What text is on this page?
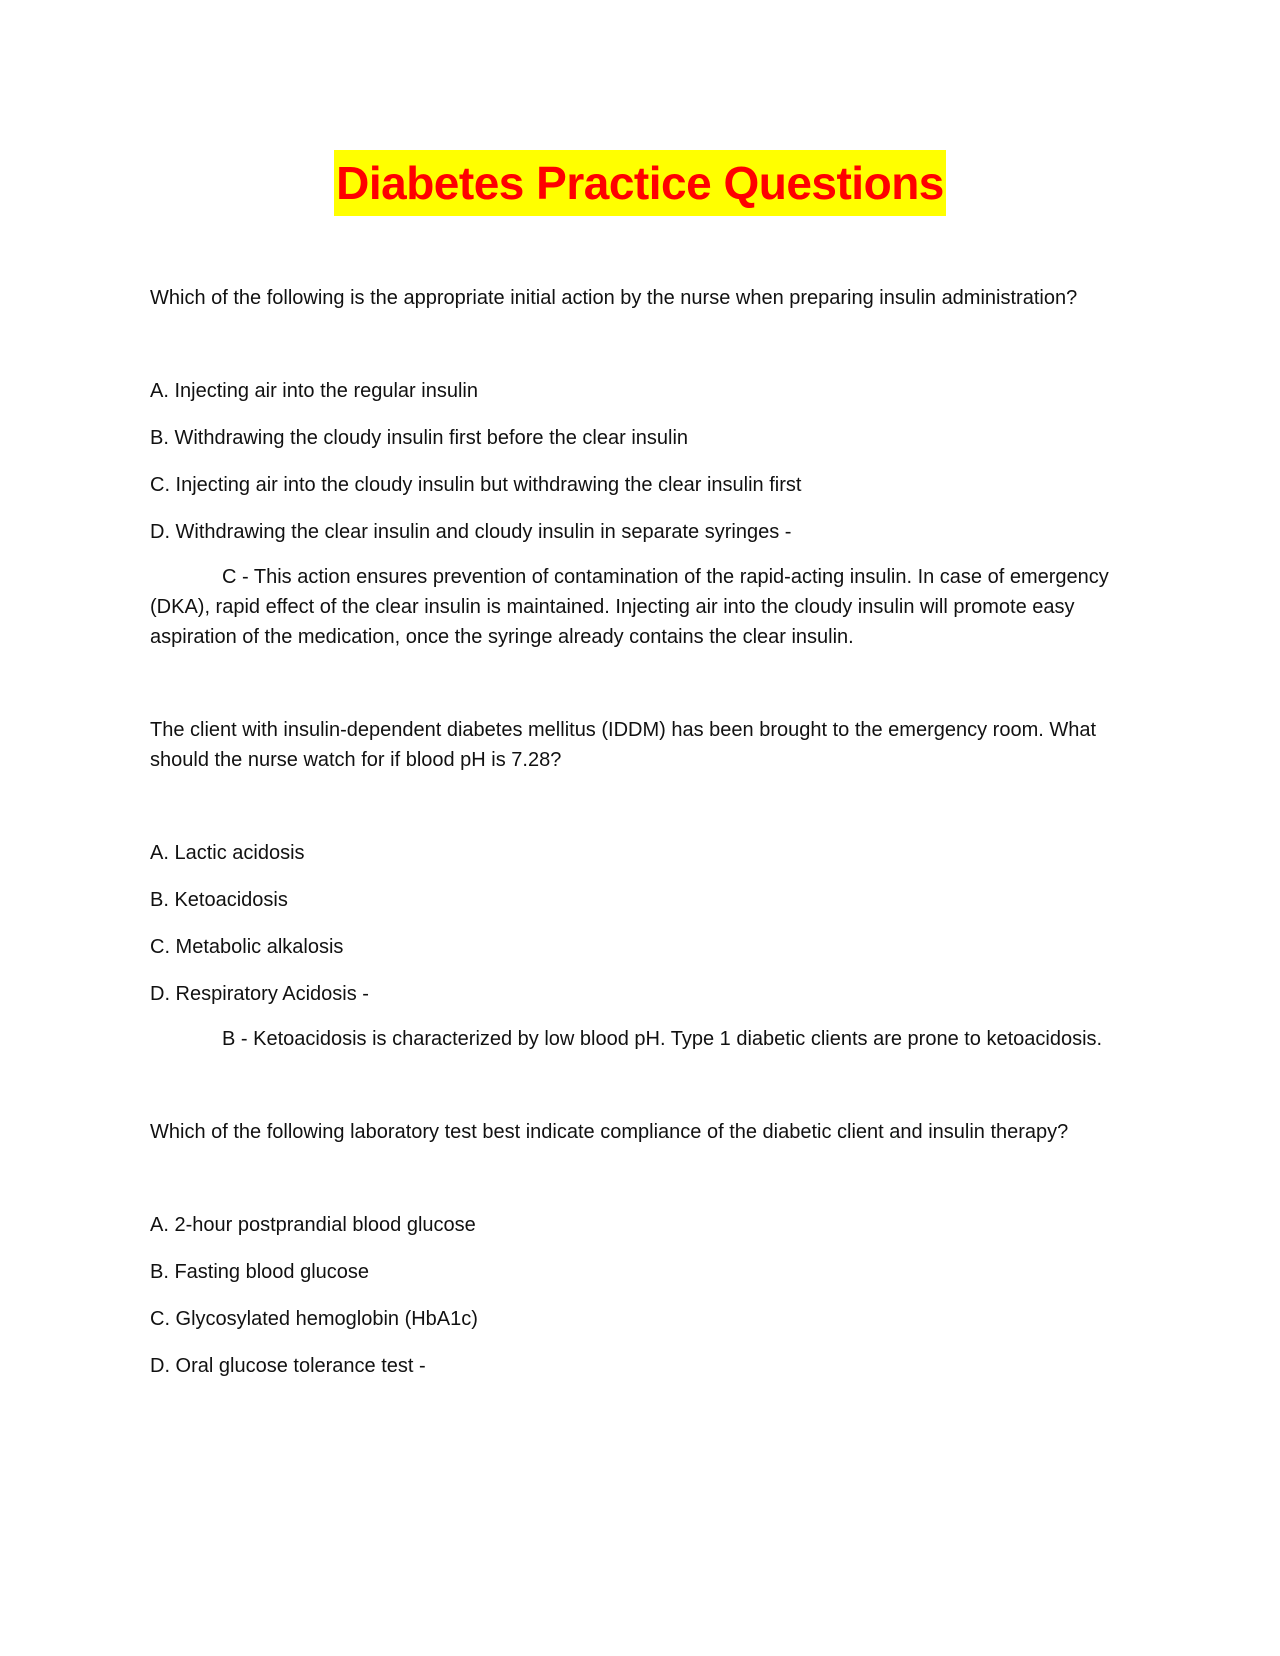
Diabetes Practice Questions

Which of the following is the appropriate initial action by the nurse when preparing insulin administration?

A. Injecting air into the regular insulin

B. Withdrawing the cloudy insulin first before the clear insulin

C. Injecting air into the cloudy insulin but withdrawing the clear insulin first

D. Withdrawing the clear insulin and cloudy insulin in separate syringes -

C - This action ensures prevention of contamination of the rapid-acting insulin. In case of emergency (DKA), rapid effect of the clear insulin is maintained. Injecting air into the cloudy insulin will promote easy aspiration of the medication, once the syringe already contains the clear insulin.

The client with insulin-dependent diabetes mellitus (IDDM) has been brought to the emergency room. What should the nurse watch for if blood pH is 7.28?

A. Lactic acidosis

B. Ketoacidosis

C. Metabolic alkalosis

D. Respiratory Acidosis -

B - Ketoacidosis is characterized by low blood pH. Type 1 diabetic clients are prone to ketoacidosis.

Which of the following laboratory test best indicate compliance of the diabetic client and insulin therapy?

A. 2-hour postprandial blood glucose

B. Fasting blood glucose

C. Glycosylated hemoglobin (HbA1c)

D. Oral glucose tolerance test -
